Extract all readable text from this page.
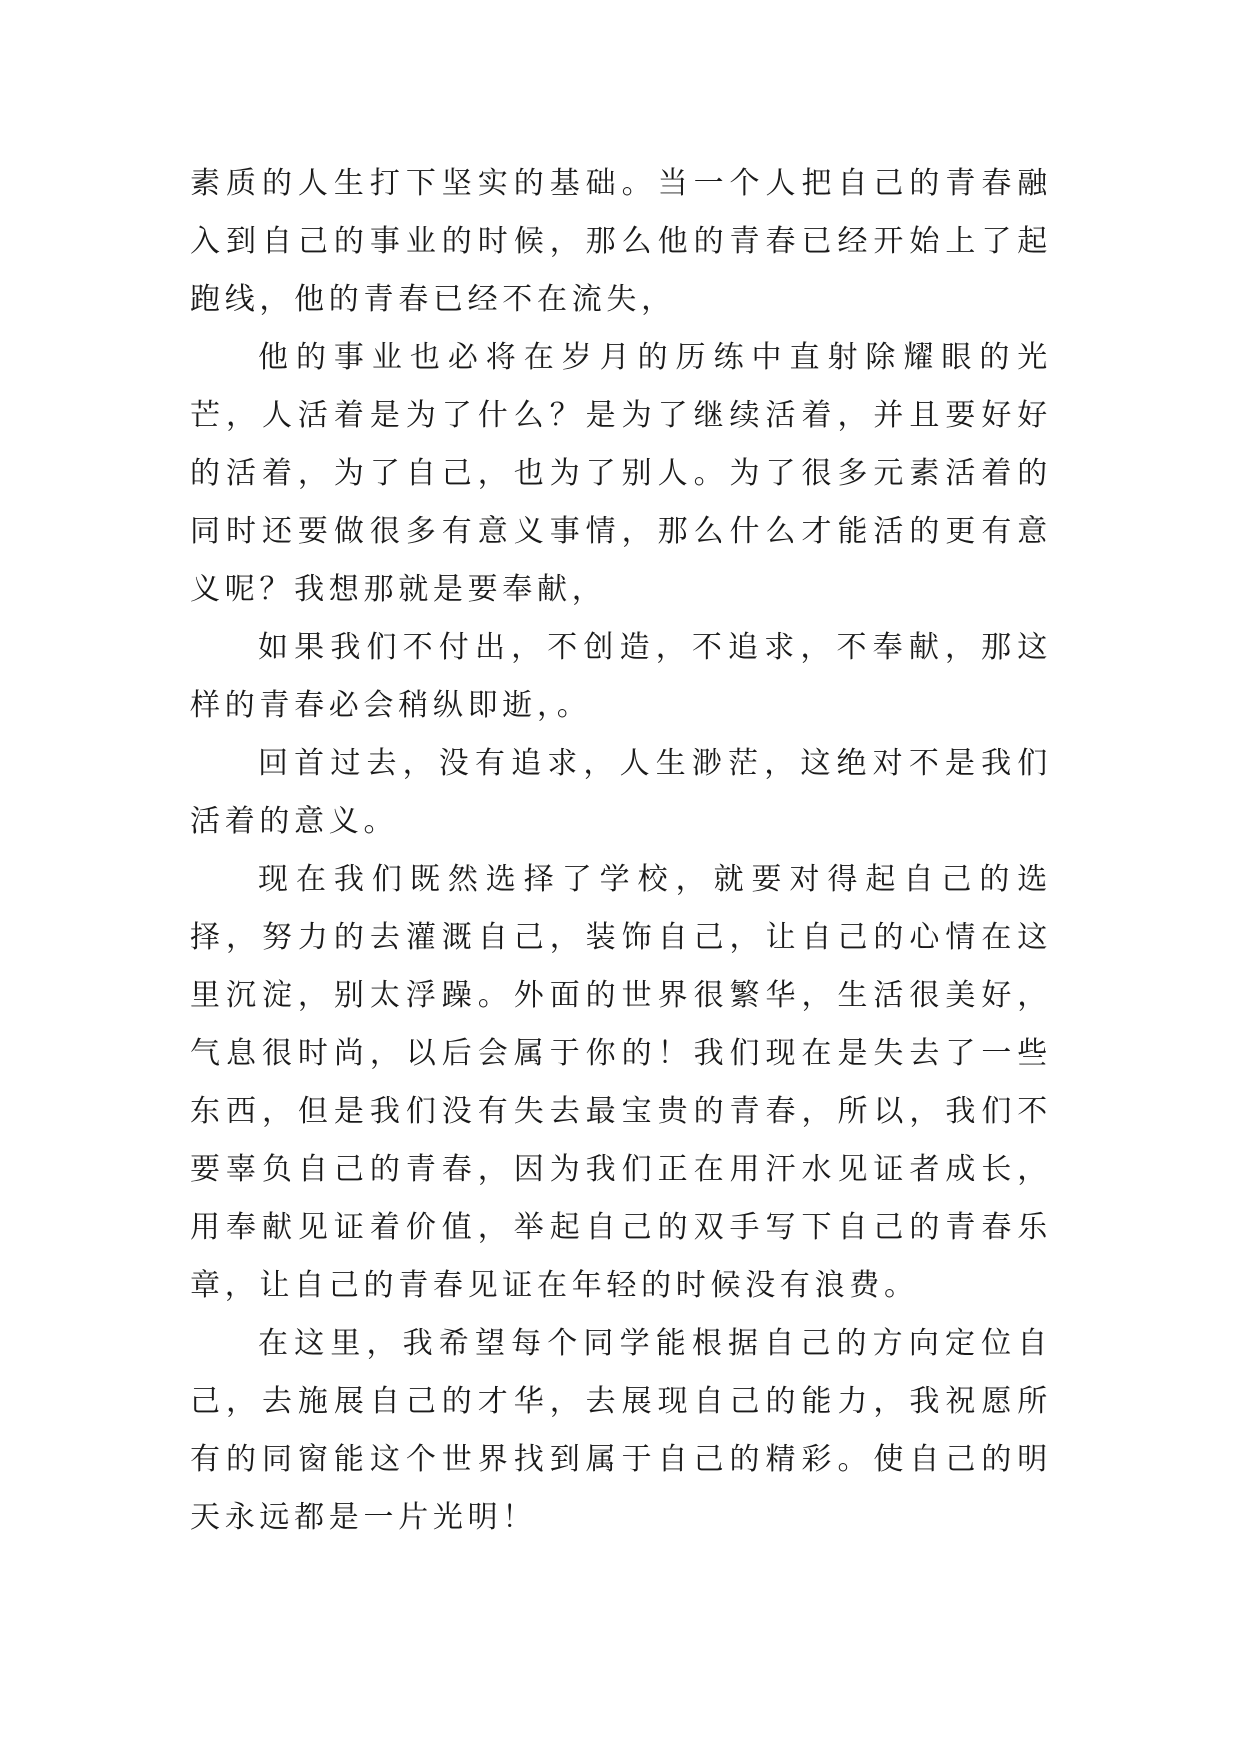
素质的人生打下坚实的基础。当一个人把自己的青春融入到自己的事业的时候，那么他的青春已经开始上了起跑线，他的青春已经不在流失，

他的事业也必将在岁月的历练中直射除耀眼的光芒，人活着是为了什么？是为了继续活着，并且要好好的活着，为了自己，也为了别人。为了很多元素活着的同时还要做很多有意义事情，那么什么才能活的更有意义呢？我想那就是要奉献，

如果我们不付出，不创造，不追求，不奉献，那这样的青春必会稍纵即逝，。

回首过去，没有追求，人生渺茫，这绝对不是我们活着的意义。

现在我们既然选择了学校，就要对得起自己的选择，努力的去灌溉自己，装饰自己，让自己的心情在这里沉淀，别太浮躁。外面的世界很繁华，生活很美好，气息很时尚，以后会属于你的！我们现在是失去了一些东西，但是我们没有失去最宝贵的青春，所以，我们不要辜负自己的青春，因为我们正在用汗水见证者成长，用奉献见证着价值，举起自己的双手写下自己的青春乐章，让自己的青春见证在年轻的时候没有浪费。

在这里，我希望每个同学能根据自己的方向定位自己，去施展自己的才华，去展现自己的能力，我祝愿所有的同窗能这个世界找到属于自己的精彩。使自己的明天永远都是一片光明！
